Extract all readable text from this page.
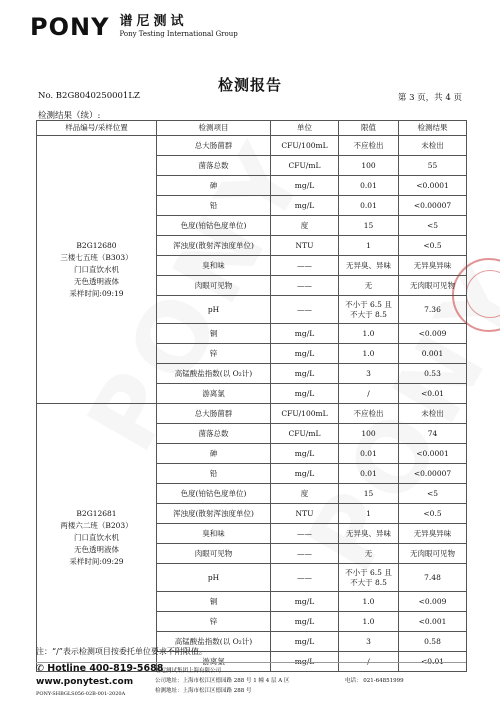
PONY 谱尼测试
Pony Testing International Group
检测报告
No. B2G8040250001LZ	第 3 页，共 4 页
检测结果（续）:
样品编号/采样位置	检测项目	单位	限值	检测结果

B2G12680
三楼七五班（B303）
门口直饮水机
无色透明液体
采样时间:09:19	总大肠菌群	CFU/100mL	不应检出	未检出

	菌落总数	CFU/mL	100	55

	砷	mg/L	0.01	<0.0001

	铅	mg/L	0.01	<0.00007

	色度(铂钴色度单位)	度	15	<5

	浑浊度(散射浑浊度单位)	NTU	1	<0.5

	臭和味	——	无异臭、异味	无异臭异味

	肉眼可见物	——	无	无肉眼可见物

	pH	——	不小于 6.5 且
不大于 8.5	7.36

	铜	mg/L	1.0	<0.009

	锌	mg/L	1.0	0.001

	高锰酸盐指数(以 O₂计)	mg/L	3	0.53

	游离氯	mg/L	/	<0.01

B2G12681
两楼六二班（B203）
门口直饮水机
无色透明液体
采样时间:09:29	总大肠菌群	CFU/100mL	不应检出	未检出

	菌落总数	CFU/mL	100	74

	砷	mg/L	0.01	<0.0001

	铅	mg/L	0.01	<0.00007

	色度(铂钴色度单位)	度	15	<5

	浑浊度(散射浑浊度单位)	NTU	1	<0.5

	臭和味	——	无异臭、异味	无异臭异味

	肉眼可见物	——	无	无肉眼可见物

	pH	——	不小于 6.5 且
不大于 8.5	7.48

	铜	mg/L	1.0	<0.009

	锌	mg/L	1.0	<0.001

	高锰酸盐指数(以 O₂计)	mg/L	3	0.58

	游离氯	mg/L	/	<0.01
注：“/”表示检测项目按委托单位要求不附限值。
✆ Hotline 400-819-5688
www.ponytest.com
PONY-SHBGLS056-02B-001-2020A
谱尼测试集团上海有限公司
公司地址：上海市松江区德园路 288 号 1 幢 4 层 A 区
检测地址：上海市松江区德园路 288 号
电话： 021-64851999
